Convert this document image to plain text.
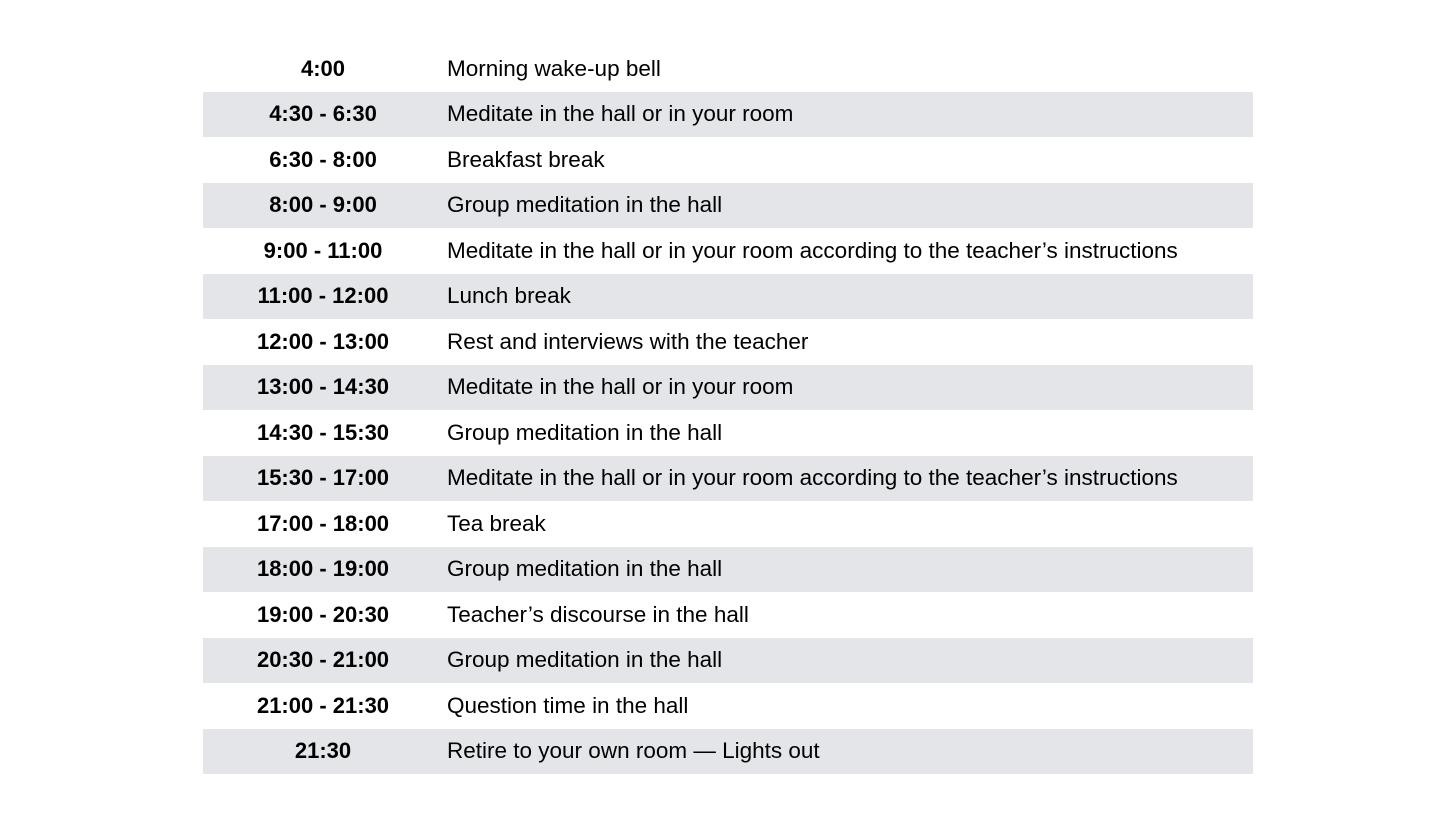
4:00	Morning wake-up bell
4:30 - 6:30	Meditate in the hall or in your room
6:30 - 8:00	Breakfast break
8:00 - 9:00	Group meditation in the hall
9:00 - 11:00	Meditate in the hall or in your room according to the teacher’s instructions
11:00 - 12:00	Lunch break
12:00 - 13:00	Rest and interviews with the teacher
13:00 - 14:30	Meditate in the hall or in your room
14:30 - 15:30	Group meditation in the hall
15:30 - 17:00	Meditate in the hall or in your room according to the teacher’s instructions
17:00 - 18:00	Tea break
18:00 - 19:00	Group meditation in the hall
19:00 - 20:30	Teacher’s discourse in the hall
20:30 - 21:00	Group meditation in the hall
21:00 - 21:30	Question time in the hall
21:30	Retire to your own room — Lights out
